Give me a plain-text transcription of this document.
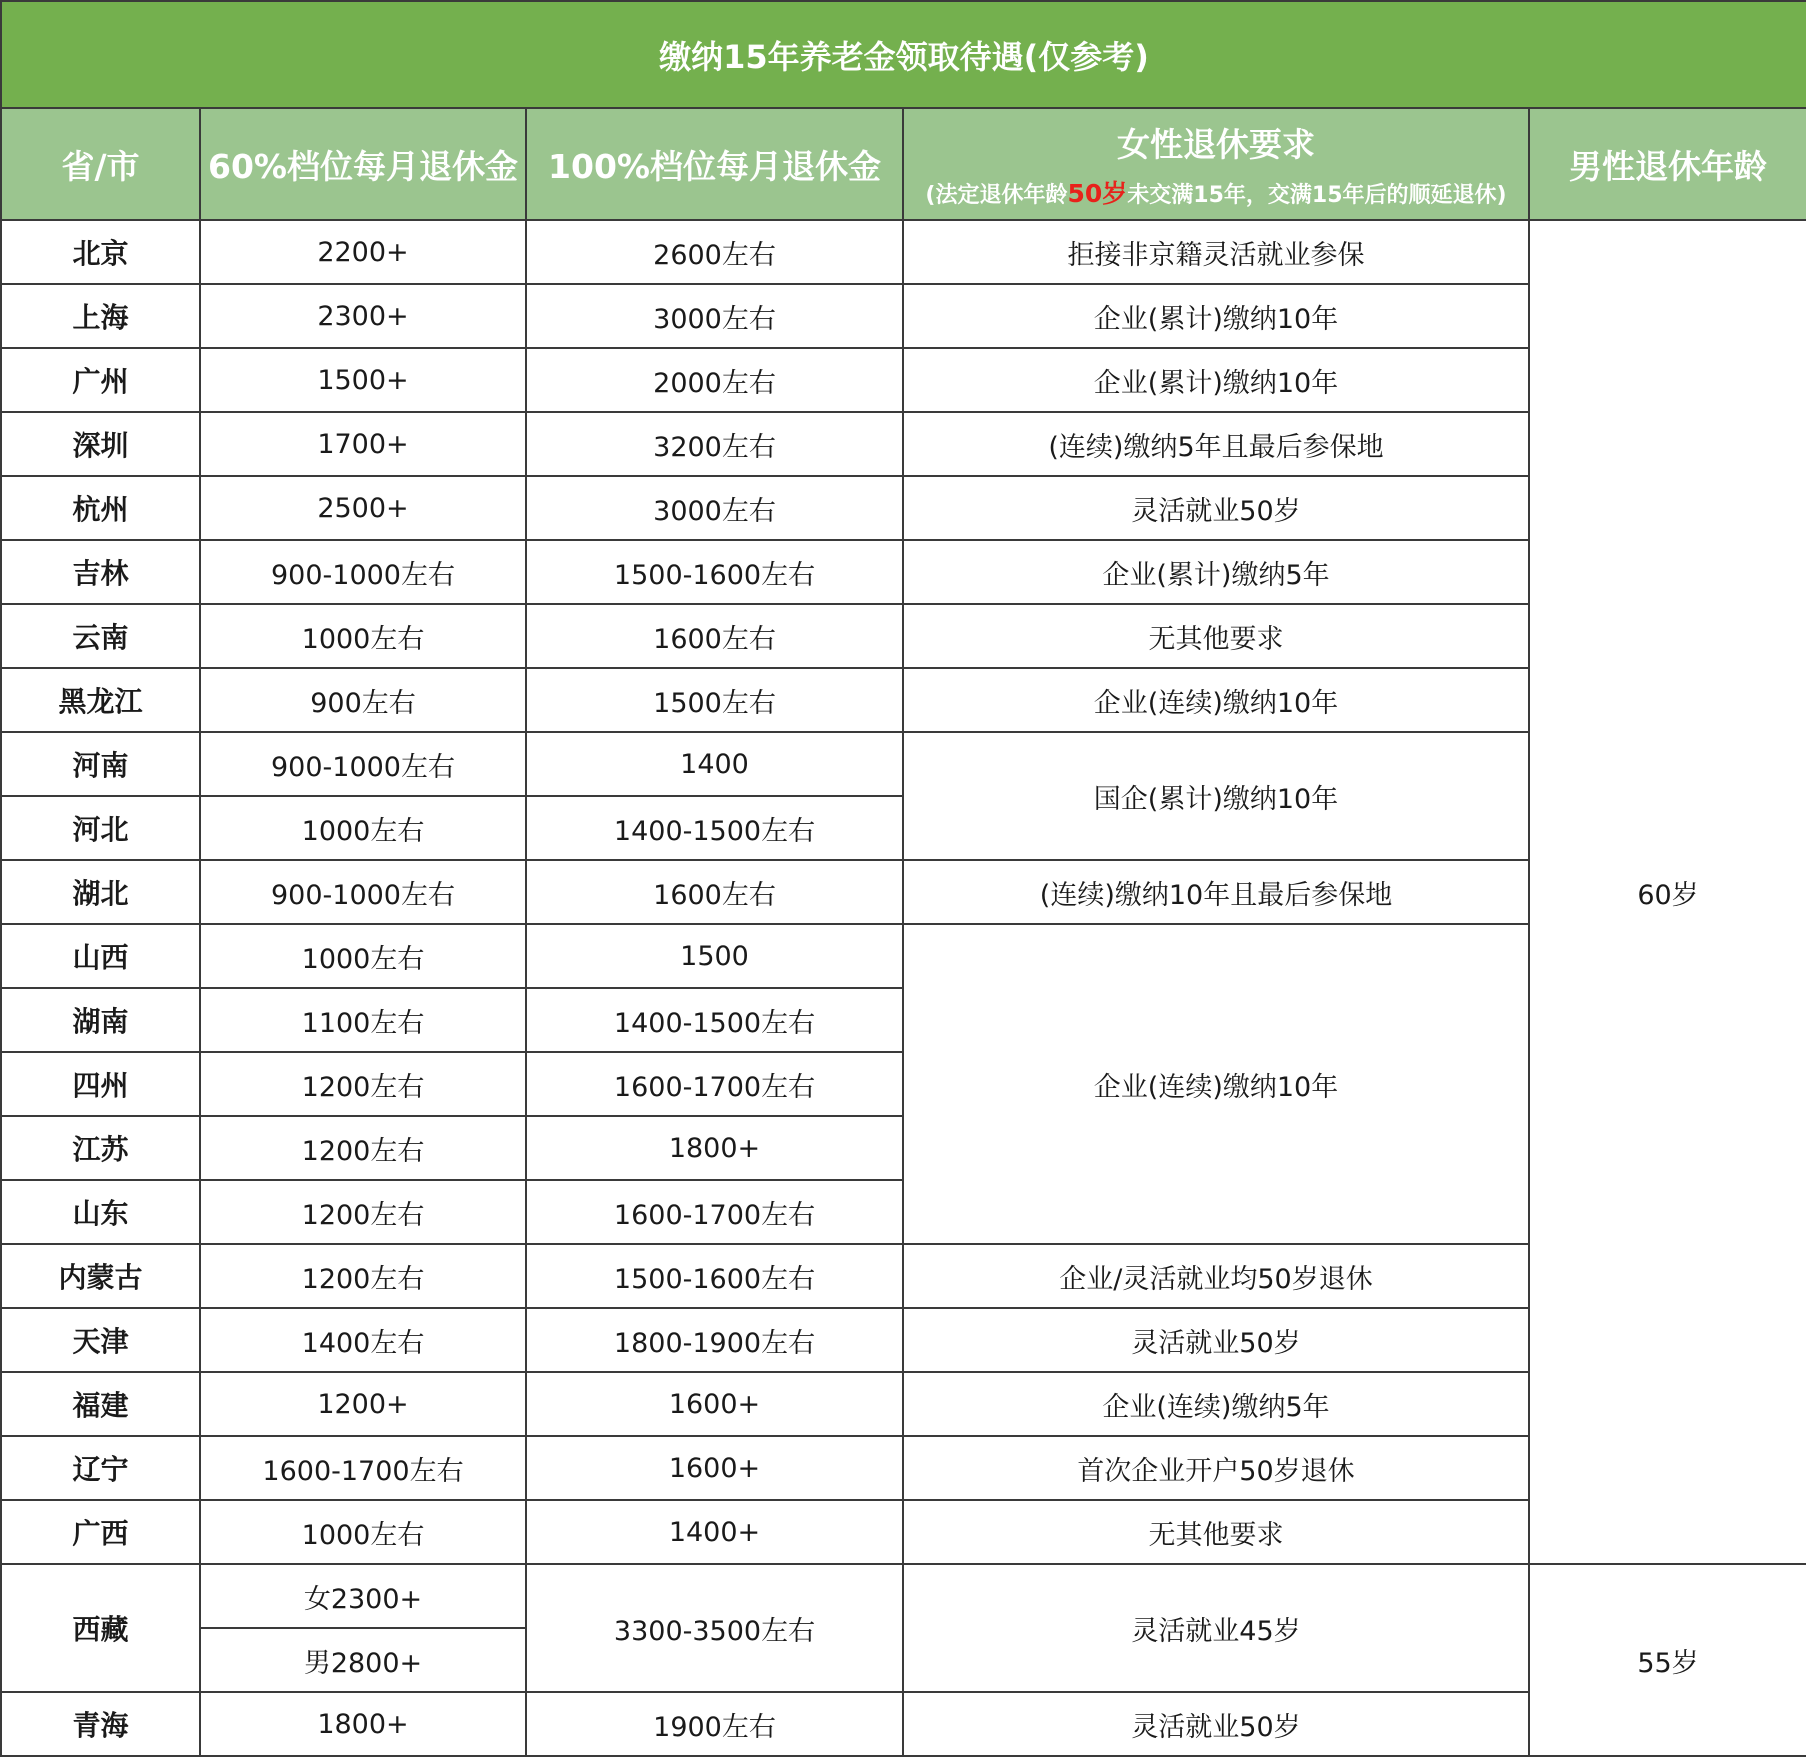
缴纳15年养老金领取待遇(仅参考)				
省/市	60%档位每月退休金	100%档位每月退休金	女性退休要求
(法定退休年龄50岁未交满15年，交满15年后的顺延退休)	男性退休年龄
北京	2200+	2600左右	拒接非京籍灵活就业参保	60岁
上海	2300+	3000左右	企业(累计)缴纳10年	
广州	1500+	2000左右	企业(累计)缴纳10年	
深圳	1700+	3200左右	(连续)缴纳5年且最后参保地	
杭州	2500+	3000左右	灵活就业50岁	
吉林	900-1000左右	1500-1600左右	企业(累计)缴纳5年	
云南	1000左右	1600左右	无其他要求	
黑龙江	900左右	1500左右	企业(连续)缴纳10年	
河南	900-1000左右	1400	国企(累计)缴纳10年	
河北	1000左右	1400-1500左右		
湖北	900-1000左右	1600左右	(连续)缴纳10年且最后参保地	
山西	1000左右	1500	企业(连续)缴纳10年	
湖南	1100左右	1400-1500左右		
四州	1200左右	1600-1700左右		
江苏	1200左右	1800+		
山东	1200左右	1600-1700左右		
内蒙古	1200左右	1500-1600左右	企业/灵活就业均50岁退休	
天津	1400左右	1800-1900左右	灵活就业50岁	
福建	1200+	1600+	企业(连续)缴纳5年	
辽宁	1600-1700左右	1600+	首次企业开户50岁退休	
广西	1000左右	1400+	无其他要求	
西藏	女2300+	3300-3500左右	灵活就业45岁	55岁
	男2800+			
青海	1800+	1900左右	灵活就业50岁	
